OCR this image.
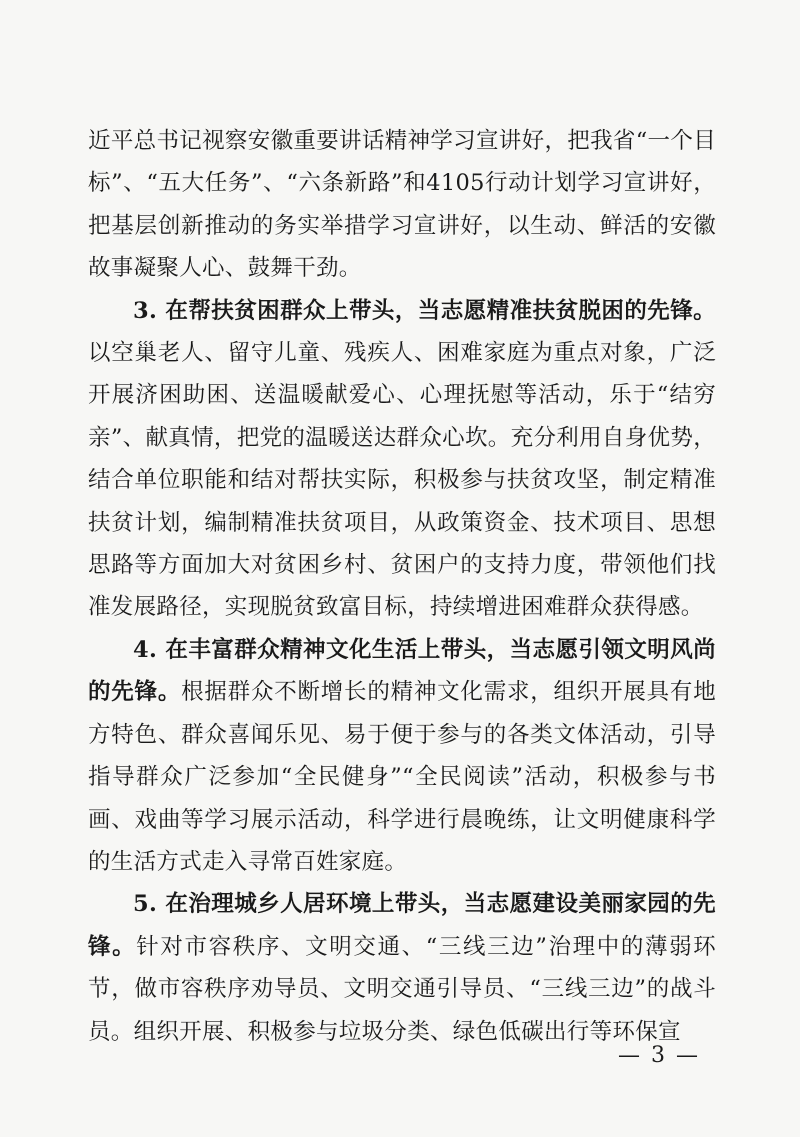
近平总书记视察安徽重要讲话精神学习宣讲好，把我省“一个目标”、“五大任务”、“六条新路”和4105行动计划学习宣讲好，把基层创新推动的务实举措学习宣讲好，以生动、鲜活的安徽故事凝聚人心、鼓舞干劲。

3. 在帮扶贫困群众上带头，当志愿精准扶贫脱困的先锋。以空巢老人、留守儿童、残疾人、困难家庭为重点对象，广泛开展济困助困、送温暖献爱心、心理抚慰等活动，乐于“结穷亲”、献真情，把党的温暖送达群众心坎。充分利用自身优势，结合单位职能和结对帮扶实际，积极参与扶贫攻坚，制定精准扶贫计划，编制精准扶贫项目，从政策资金、技术项目、思想思路等方面加大对贫困乡村、贫困户的支持力度，带领他们找准发展路径，实现脱贫致富目标，持续增进困难群众获得感。

4. 在丰富群众精神文化生活上带头，当志愿引领文明风尚的先锋。根据群众不断增长的精神文化需求，组织开展具有地方特色、群众喜闻乐见、易于便于参与的各类文体活动，引导指导群众广泛参加“全民健身”“全民阅读”活动，积极参与书画、戏曲等学习展示活动，科学进行晨晚练，让文明健康科学的生活方式走入寻常百姓家庭。

5. 在治理城乡人居环境上带头，当志愿建设美丽家园的先锋。针对市容秩序、文明交通、“三线三边”治理中的薄弱环节，做市容秩序劝导员、文明交通引导员、“三线三边”的战斗员。组织开展、积极参与垃圾分类、绿色低碳出行等环保宣

— 3 —
